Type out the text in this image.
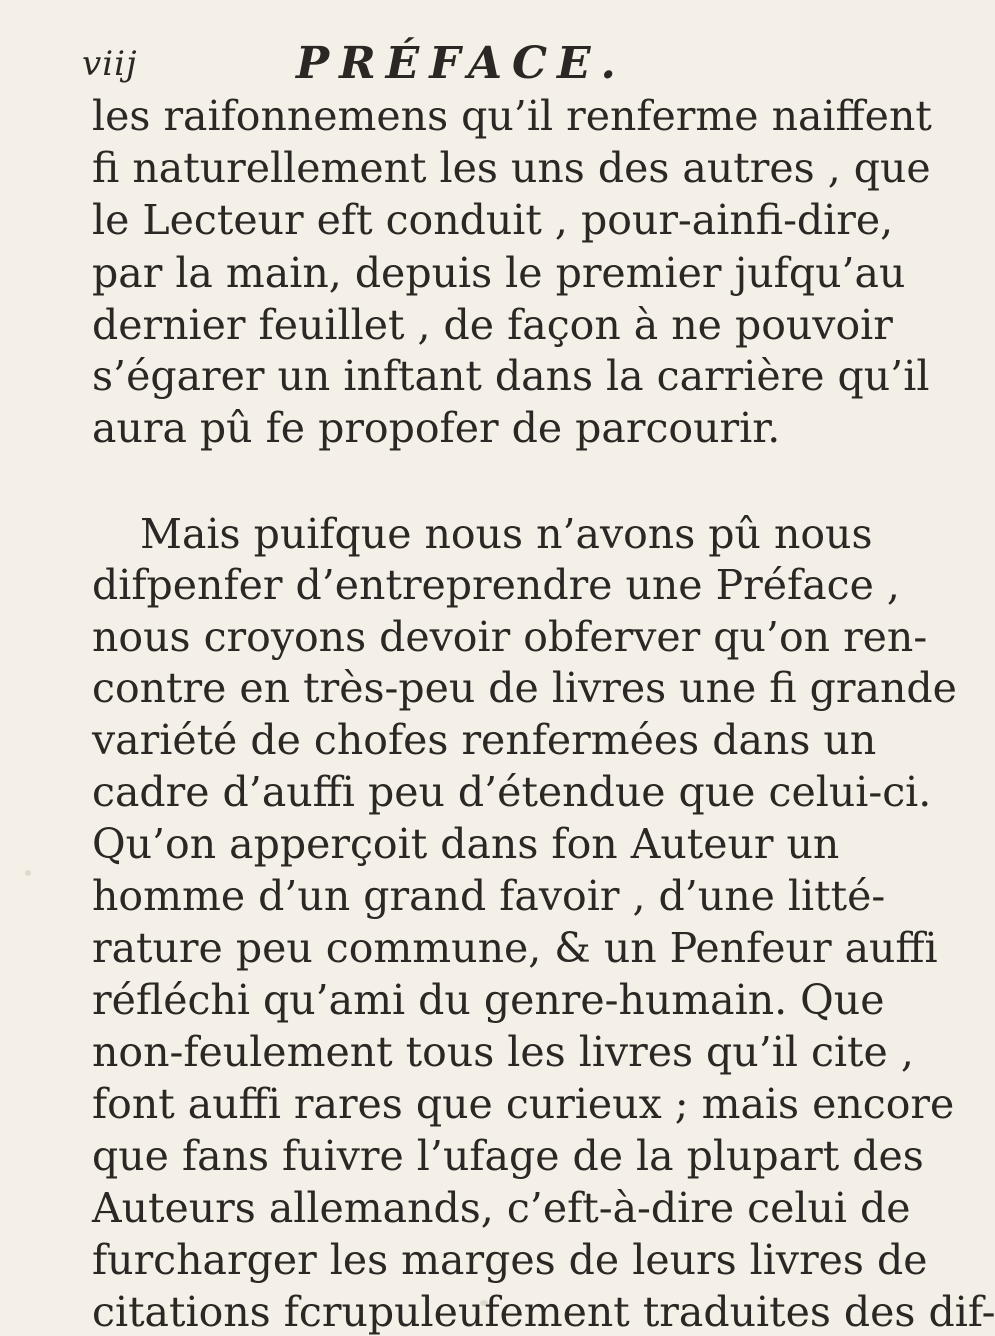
viij	PRÉFACE.
les raifonnemens qu’il renferme naiffent
fi naturellement les uns des autres , que
le Lecteur eft conduit , pour-ainfi-dire,
par la main, depuis le premier jufqu’au
dernier feuillet , de façon à ne pouvoir
s’égarer un inftant dans la carrière qu’il
aura pû fe propofer de parcourir.
Mais puifque nous n’avons pû nous
difpenfer d’entreprendre une Préface ,
nous croyons devoir obferver qu’on ren-
contre en très-peu de livres une fi grande
variété de chofes renfermées dans un
cadre d’auffi peu d’étendue que celui-ci.
Qu’on apperçoit dans fon Auteur un
homme d’un grand favoir , d’une litté-
rature peu commune, & un Penfeur auffi
réfléchi qu’ami du genre-humain. Que
non-feulement tous les livres qu’il cite ,
font auffi rares que curieux ; mais encore
que fans fuivre l’ufage de la plupart des
Auteurs allemands, c’eft-à-dire celui de
furcharger les marges de leurs livres de
citations fcrupuleufement traduites des dif-
